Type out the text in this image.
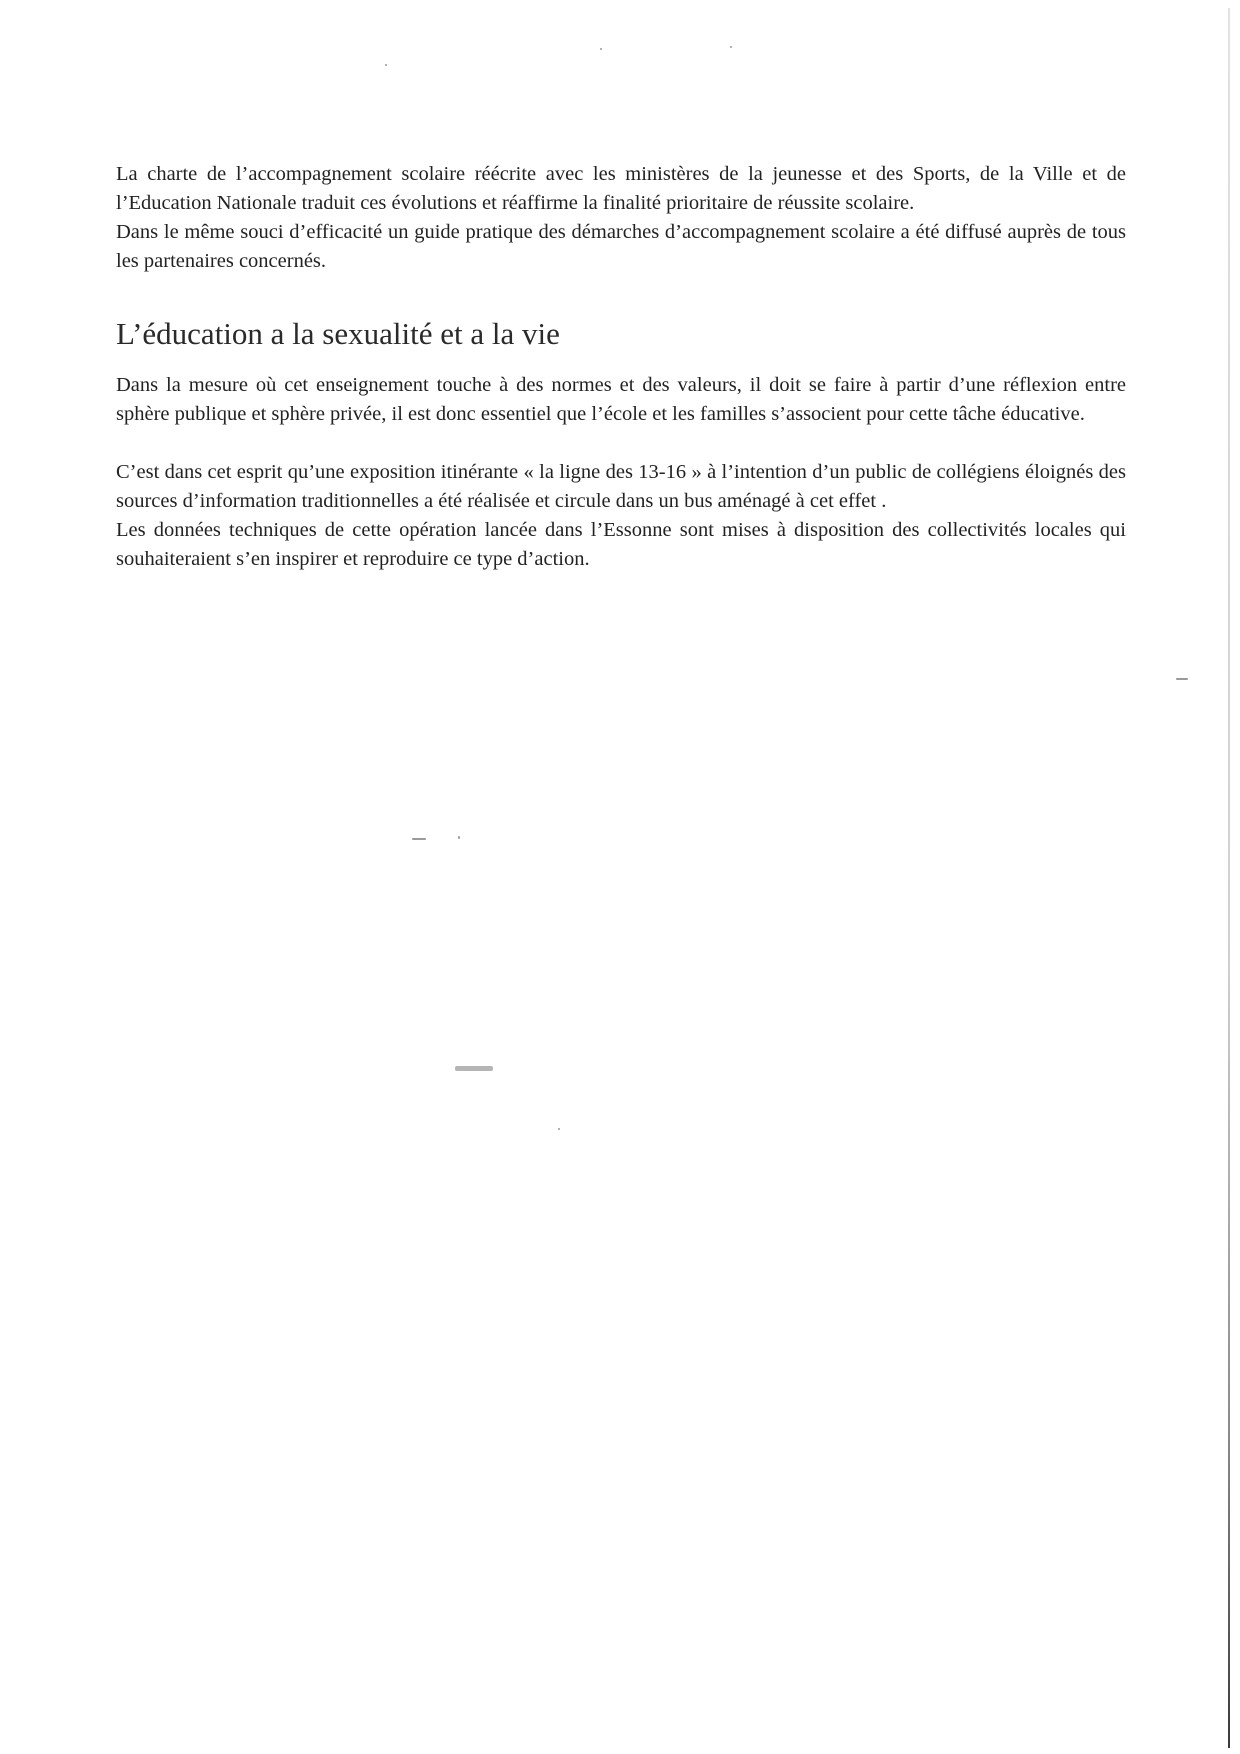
La charte de l’accompagnement scolaire réécrite avec les ministères de la jeunesse et des Sports, de la Ville et de l’Education Nationale traduit ces évolutions et réaffirme la finalité prioritaire de réussite scolaire.

Dans le même souci d’efficacité un guide pratique des démarches d’accompagnement scolaire a été diffusé auprès de tous les partenaires concernés.

L’éducation a la sexualité et a la vie

Dans la mesure où cet enseignement touche à des normes et des valeurs, il doit se faire à partir d’une réflexion entre sphère publique et sphère privée, il est donc essentiel que l’école et les familles s’associent pour cette tâche éducative.

C’est dans cet esprit qu’une exposition itinérante « la ligne des 13-16 » à l’intention d’un public de collégiens éloignés des sources d’information traditionnelles a été réalisée et circule dans un bus aménagé à cet effet .

Les données techniques de cette opération lancée dans l’Essonne sont mises à disposition des collectivités locales qui souhaiteraient s’en inspirer et reproduire ce type d’action.
